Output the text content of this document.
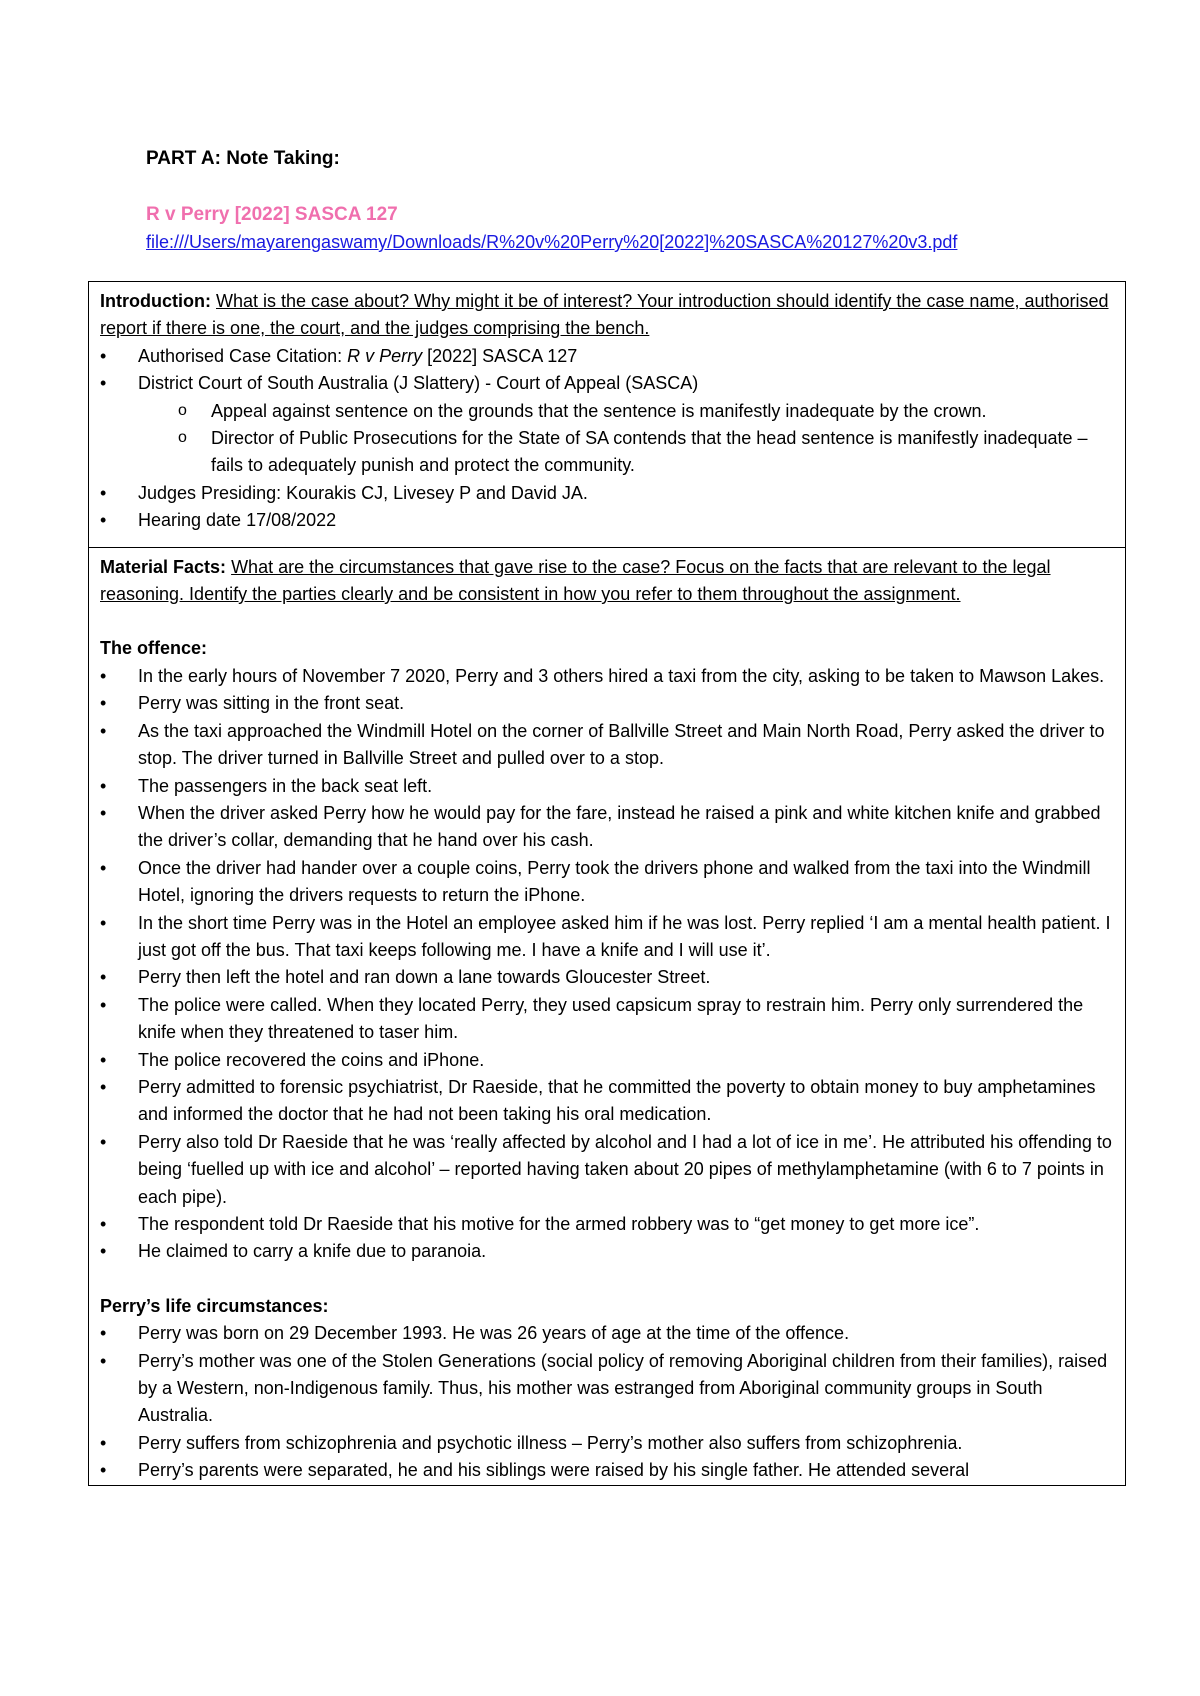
PART A: Note Taking:
R v Perry [2022] SASCA 127
file:///Users/mayarengaswamy/Downloads/R%20v%20Perry%20[2022]%20SASCA%20127%20v3.pdf
Introduction: What is the case about? Why might it be of interest? Your introduction should identify the case name, authorised report if there is one, the court, and the judges comprising the bench.
• Authorised Case Citation: R v Perry [2022] SASCA 127
• District Court of South Australia (J Slattery) - Court of Appeal (SASCA)
o Appeal against sentence on the grounds that the sentence is manifestly inadequate by the crown.
o Director of Public Prosecutions for the State of SA contends that the head sentence is manifestly inadequate – fails to adequately punish and protect the community.
• Judges Presiding: Kourakis CJ, Livesey P and David JA.
• Hearing date 17/08/2022
Material Facts: What are the circumstances that gave rise to the case? Focus on the facts that are relevant to the legal reasoning. Identify the parties clearly and be consistent in how you refer to them throughout the assignment.
The offence:
• In the early hours of November 7 2020, Perry and 3 others hired a taxi from the city, asking to be taken to Mawson Lakes.
• Perry was sitting in the front seat.
• As the taxi approached the Windmill Hotel on the corner of Ballville Street and Main North Road, Perry asked the driver to stop. The driver turned in Ballville Street and pulled over to a stop.
• The passengers in the back seat left.
• When the driver asked Perry how he would pay for the fare, instead he raised a pink and white kitchen knife and grabbed the driver’s collar, demanding that he hand over his cash.
• Once the driver had hander over a couple coins, Perry took the drivers phone and walked from the taxi into the Windmill Hotel, ignoring the drivers requests to return the iPhone.
• In the short time Perry was in the Hotel an employee asked him if he was lost. Perry replied ‘I am a mental health patient. I just got off the bus. That taxi keeps following me. I have a knife and I will use it’.
• Perry then left the hotel and ran down a lane towards Gloucester Street.
• The police were called. When they located Perry, they used capsicum spray to restrain him. Perry only surrendered the knife when they threatened to taser him.
• The police recovered the coins and iPhone.
• Perry admitted to forensic psychiatrist, Dr Raeside, that he committed the poverty to obtain money to buy amphetamines and informed the doctor that he had not been taking his oral medication.
• Perry also told Dr Raeside that he was ‘really affected by alcohol and I had a lot of ice in me’. He attributed his offending to being ‘fuelled up with ice and alcohol’ – reported having taken about 20 pipes of methylamphetamine (with 6 to 7 points in each pipe).
• The respondent told Dr Raeside that his motive for the armed robbery was to “get money to get more ice”.
• He claimed to carry a knife due to paranoia.
Perry’s life circumstances:
• Perry was born on 29 December 1993. He was 26 years of age at the time of the offence.
• Perry’s mother was one of the Stolen Generations (social policy of removing Aboriginal children from their families), raised by a Western, non-Indigenous family. Thus, his mother was estranged from Aboriginal community groups in South Australia.
• Perry suffers from schizophrenia and psychotic illness – Perry’s mother also suffers from schizophrenia.
• Perry’s parents were separated, he and his siblings were raised by his single father. He attended several
